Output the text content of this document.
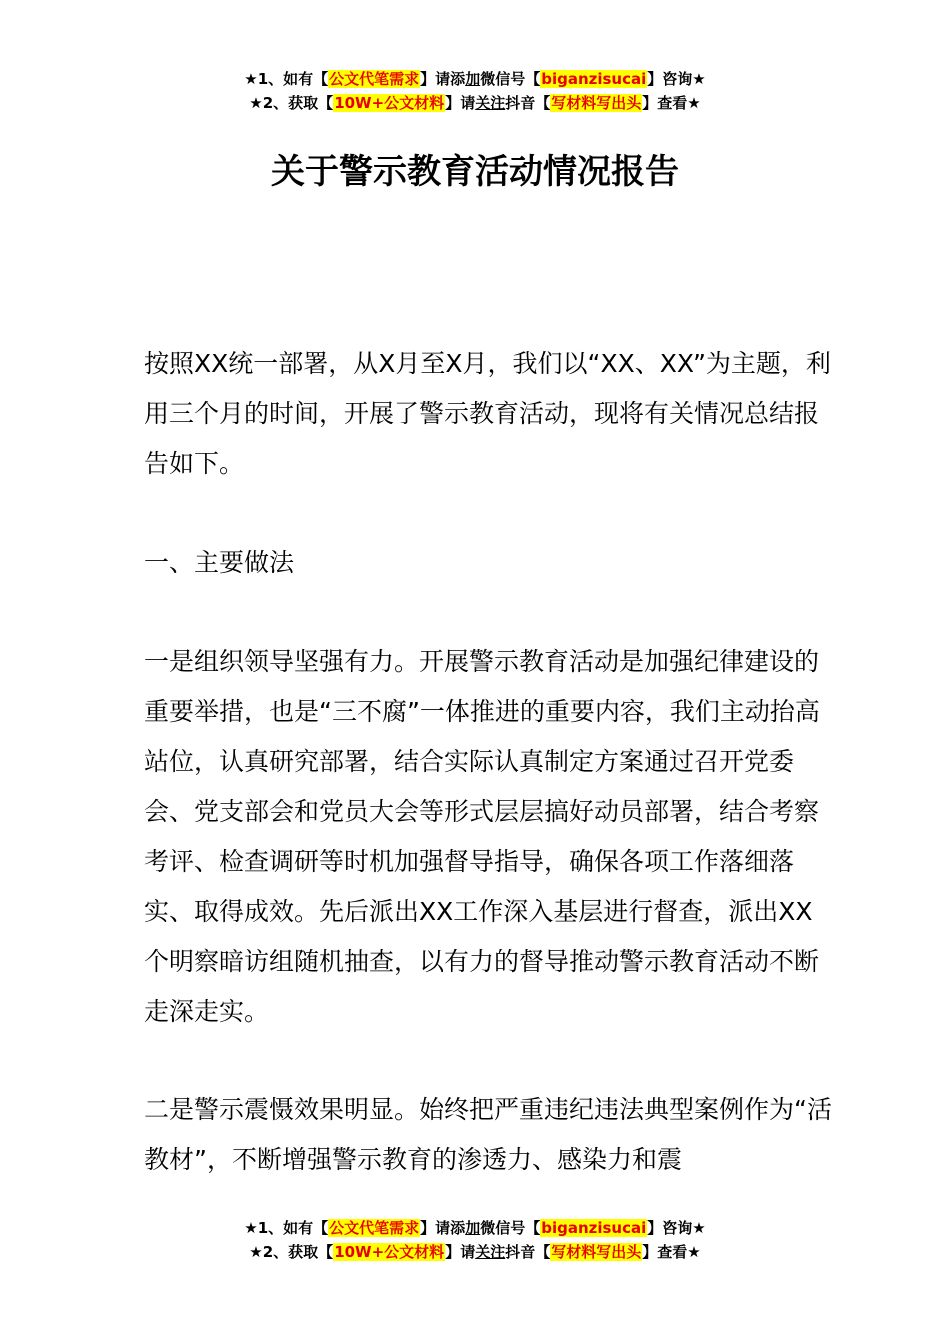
★1、如有【公文代笔需求】请添加微信号【biganzisucai】咨询★
★2、获取【10W+公文材料】请关注抖音【写材料写出头】查看★
关于警示教育活动情况报告

按照XX统一部署，从X月至X月，我们以“XX、XX”为主题，利用三个月的时间，开展了警示教育活动，现将有关情况总结报告如下。

一、主要做法

一是组织领导坚强有力。开展警示教育活动是加强纪律建设的重要举措，也是“三不腐”一体推进的重要内容，我们主动抬高站位，认真研究部署，结合实际认真制定方案通过召开党委会、党支部会和党员大会等形式层层搞好动员部署，结合考察考评、检查调研等时机加强督导指导，确保各项工作落细落实、取得成效。先后派出XX工作深入基层进行督查，派出XX个明察暗访组随机抽查，以有力的督导推动警示教育活动不断走深走实。

二是警示震慑效果明显。始终把严重违纪违法典型案例作为“活教材”，不断增强警示教育的渗透力、感染力和震

★1、如有【公文代笔需求】请添加微信号【biganzisucai】咨询★
★2、获取【10W+公文材料】请关注抖音【写材料写出头】查看★
